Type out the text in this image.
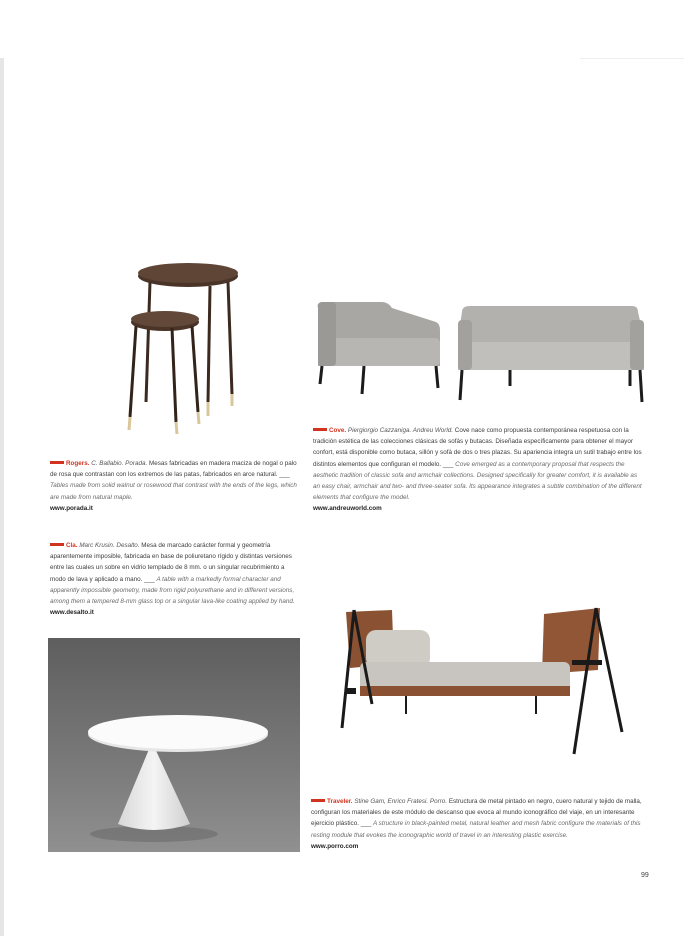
Cove. Piergiorgio Cazzaniga. Andreu World. Cove nace como propuesta contemporánea respetuosa con la tradición estética de las colecciones clásicas de sofás y butacas. Diseñada específicamente para obtener el mayor confort, está disponible como butaca, sillón y sofá de dos o tres plazas. Su apariencia integra un sutil trabajo entre los distintos elementos que configuran el modelo. ___ Cove emerged as a contemporary proposal that respects the aesthetic tradition of classic sofa and armchair collections. Designed specifically for greater comfort, it is available as an easy chair, armchair and two- and three-seater sofa. Its appearance integrates a subtle combination of the different elements that configure the model.
www.andreuworld.com
Rogers. C. Ballabio. Porada. Mesas fabricadas en madera maciza de nogal o palo de rosa que contrastan con los extremos de las patas, fabricados en arce natural. ___ Tables made from solid walnut or rosewood that contrast with the ends of the legs, which are made from natural maple.
www.porada.it
Cla. Marc Krusin. Desalto. Mesa de marcado carácter formal y geometría aparentemente imposible, fabricada en base de poliuretano rígido y distintas versiones entre las cuales un sobre en vidrio templado de 8 mm. o un singular recubrimiento a modo de lava y aplicado a mano. ___ A table with a markedly formal character and apparently impossible geometry, made from rigid polyurethane and in different versions, among them a tempered 8-mm glass top or a singular lava-like coating applied by hand.
www.desalto.it
Traveler. Stine Gam, Enrico Fratesi. Porro. Estructura de metal pintado en negro, cuero natural y tejido de malla, configuran los materiales de este módulo de descanso que evoca al mundo iconográfico del viaje, en un interesante ejercicio plástico. ___ A structure in black-painted metal, natural leather and mesh fabric configure the materials of this resting module that evokes the iconographic world of travel in an interesting plastic exercise.
www.porro.com
99
